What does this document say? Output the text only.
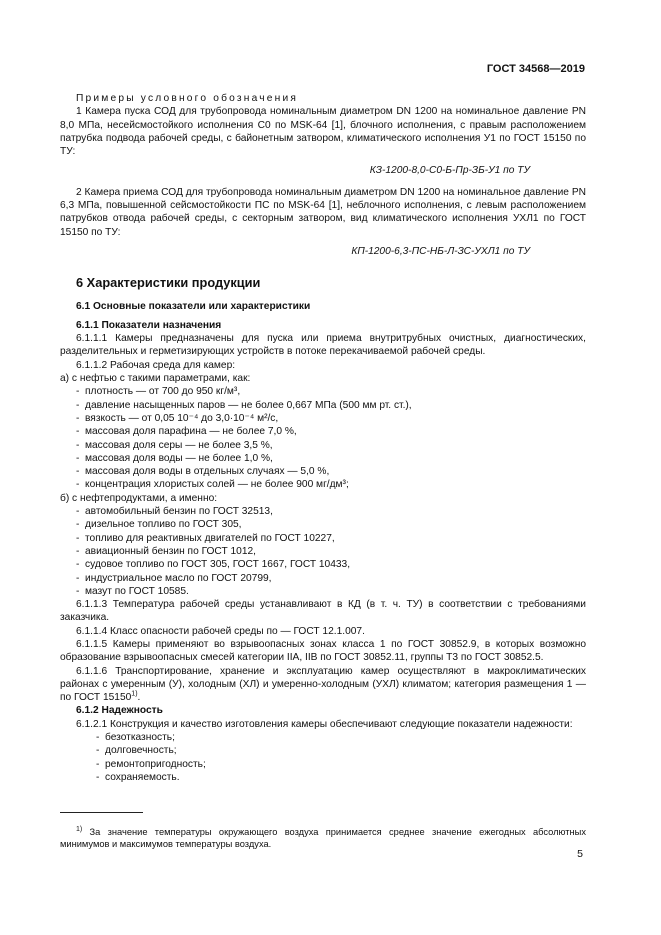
ГОСТ 34568—2019

Примеры условного обозначения

1 Камера пуска СОД для трубопровода номинальным диаметром DN 1200 на номинальное давление PN 8,0 МПа, несейсмостойкого исполнения С0 по MSK-64 [1], блочного исполнения, с правым расположением патрубка подвода рабочей среды, с байонетным затвором, климатического исполнения У1 по ГОСТ 15150 по ТУ:

КЗ-1200-8,0-С0-Б-Пр-ЗБ-У1 по ТУ

2 Камера приема СОД для трубопровода номинальным диаметром DN 1200 на номинальное давление PN 6,3 МПа, повышенной сейсмостойкости ПС по MSK-64 [1], неблочного исполнения, с левым расположением патрубков отвода рабочей среды, с секторным затвором, вид климатического исполнения УХЛ1 по ГОСТ 15150 по ТУ:

КП-1200-6,3-ПС-НБ-Л-ЗС-УХЛ1 по ТУ

6 Характеристики продукции
6.1 Основные показатели или характеристики
6.1.1 Показатели назначения

6.1.1.1 Камеры предназначены для пуска или приема внутритрубных очистных, диагностических, разделительных и герметизирующих устройств в потоке перекачиваемой рабочей среды.

6.1.1.2 Рабочая среда для камер:

а) с нефтью с такими параметрами, как:

- плотность — от 700 до 950 кг/м³,

- давление насыщенных паров — не более 0,667 МПа (500 мм рт. ст.),

- вязкость — от 0,05 10⁻⁴ до 3,0·10⁻⁴ м²/с,

- массовая доля парафина — не более 7,0 %,

- массовая доля серы — не более 3,5 %,

- массовая доля воды — не более 1,0 %,

- массовая доля воды в отдельных случаях — 5,0 %,

- концентрация хлористых солей — не более 900 мг/дм³;

б) с нефтепродуктами, а именно:

- автомобильный бензин по ГОСТ 32513,

- дизельное топливо по ГОСТ 305,

- топливо для реактивных двигателей по ГОСТ 10227,

- авиационный бензин по ГОСТ 1012,

- судовое топливо по ГОСТ 305, ГОСТ 1667, ГОСТ 10433,

- индустриальное масло по ГОСТ 20799,

- мазут по ГОСТ 10585.

6.1.1.3 Температура рабочей среды устанавливают в КД (в т. ч. ТУ) в соответствии с требованиями заказчика.

6.1.1.4 Класс опасности рабочей среды по — ГОСТ 12.1.007.

6.1.1.5 Камеры применяют во взрывоопасных зонах класса 1 по ГОСТ 30852.9, в которых возможно образование взрывоопасных смесей категории IIA, IIB по ГОСТ 30852.11, группы Т3 по ГОСТ 30852.5.

6.1.1.6 Транспортирование, хранение и эксплуатацию камер осуществляют в макроклиматических районах с умеренным (У), холодным (ХЛ) и умеренно-холодным (УХЛ) климатом; категория размещения 1 — по ГОСТ 15150$^{1)}$.

6.1.2 Надежность

6.1.2.1 Конструкция и качество изготовления камеры обеспечивают следующие показатели надежности:

- безотказность;

- долговечность;

- ремонтопригодность;

- сохраняемость.

$^{1)}$ За значение температуры окружающего воздуха принимается среднее значение ежегодных абсолютных минимумов и максимумов температуры воздуха.

5
